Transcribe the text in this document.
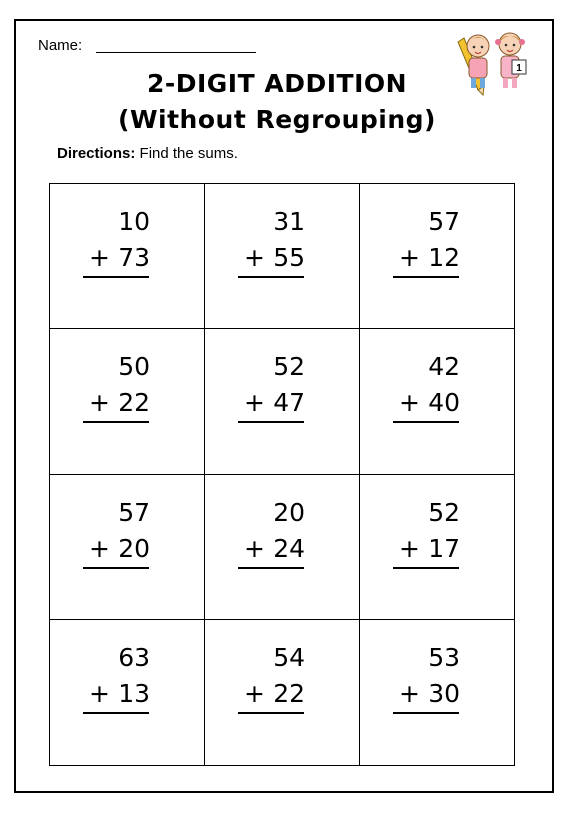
Name:
1
2-DIGIT ADDITION
(Without Regrouping)
Directions: Find the sums.
10
+ 73
31
+ 55
57
+ 12
50
+ 22
52
+ 47
42
+ 40
57
+ 20
20
+ 24
52
+ 17
63
+ 13
54
+ 22
53
+ 30
